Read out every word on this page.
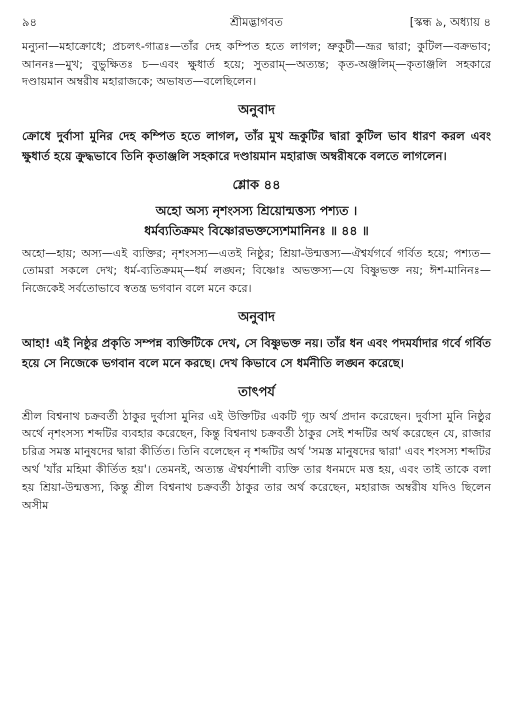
৯৪	শ্রীমদ্ভাগবত	[স্কন্ধ ৯, অধ্যায় ৪

মন্যুনা—মহাক্রোধে; প্রচলৎ-গাত্রঃ—তাঁর দেহ কম্পিত হতে লাগল; ভ্রুকুটী—ভ্রূর দ্বারা; কুটিল—বক্রভাব; আননঃ—মুখ; বুভুক্ষিতঃ চ—এবং ক্ষুধার্ত হয়ে; সুতরাম্—অত্যন্ত; কৃত-অঞ্জলিম্—কৃতাঞ্জলি সহকারে দণ্ডায়মান অম্বরীষ মহারাজকে; অভাষত—বলেছিলেন।

অনুবাদ

ক্রোধে দুর্বাসা মুনির দেহ কম্পিত হতে লাগল, তাঁর মুখ ভ্রূকুটির দ্বারা কুটিল ভাব ধারণ করল এবং ক্ষুধার্ত হয়ে ক্রুদ্ধভাবে তিনি কৃতাঞ্জলি সহকারে দণ্ডায়মান মহারাজ অম্বরীষকে বলতে লাগলেন।

শ্লোক ৪৪

অহো অস্য নৃশংসস্য শ্রিয়োন্মত্তস্য পশ্যত ।

ধর্মব্যতিক্রমং বিষ্ণোরভক্তস্যেশমানিনঃ ॥ ৪৪ ॥

অহো—হায়; অস্য—এই ব্যক্তির; নৃশংসস্য—এতই নিষ্ঠুর; শ্রিয়া-উন্মত্তস্য—ঐশ্বর্যগর্বে গর্বিত হয়ে; পশ্যত—তোমরা সকলে দেখ; ধর্ম-ব্যতিক্রমম্—ধর্ম লঙ্ঘন; বিষ্ণোঃ অভক্তস্য—যে বিষ্ণুভক্ত নয়; ঈশ-মানিনঃ—নিজেকেই সর্বতোভাবে স্বতন্ত্র ভগবান বলে মনে করে।

অনুবাদ

আহা! এই নিষ্ঠুর প্রকৃতি সম্পন্ন ব্যক্তিটিকে দেখ, সে বিষ্ণুভক্ত নয়। তাঁর ধন এবং পদমর্যাদার গর্বে গর্বিত হয়ে সে নিজেকে ভগবান বলে মনে করছে। দেখ কিভাবে সে ধর্মনীতি লঙ্ঘন করেছে।

তাৎপর্য

শ্রীল বিশ্বনাথ চক্রবর্তী ঠাকুর দুর্বাসা মুনির এই উক্তিটির একটি গূঢ় অর্থ প্রদান করেছেন। দুর্বাসা মুনি নিষ্ঠুর অর্থে নৃশংসস্য শব্দটির ব্যবহার করেছেন, কিন্তু বিশ্বনাথ চক্রবর্তী ঠাকুর সেই শব্দটির অর্থ করেছেন যে, রাজার চরিত্র সমস্ত মানুষদের দ্বারা কীর্তিত। তিনি বলেছেন নৃ শব্দটির অর্থ 'সমস্ত মানুষদের দ্বারা' এবং শংসস্য শব্দটির অর্থ 'যাঁর মহিমা কীর্তিত হয়'। তেমনই, অত্যন্ত ঐশ্বর্যশালী ব্যক্তি তার ধনমদে মত্ত হয়, এবং তাই তাকে বলা হয় শ্রিয়া-উন্মত্তস্য, কিন্তু শ্রীল বিশ্বনাথ চক্রবর্তী ঠাকুর তার অর্থ করেছেন, মহারাজ অম্বরীষ যদিও ছিলেন অসীম
